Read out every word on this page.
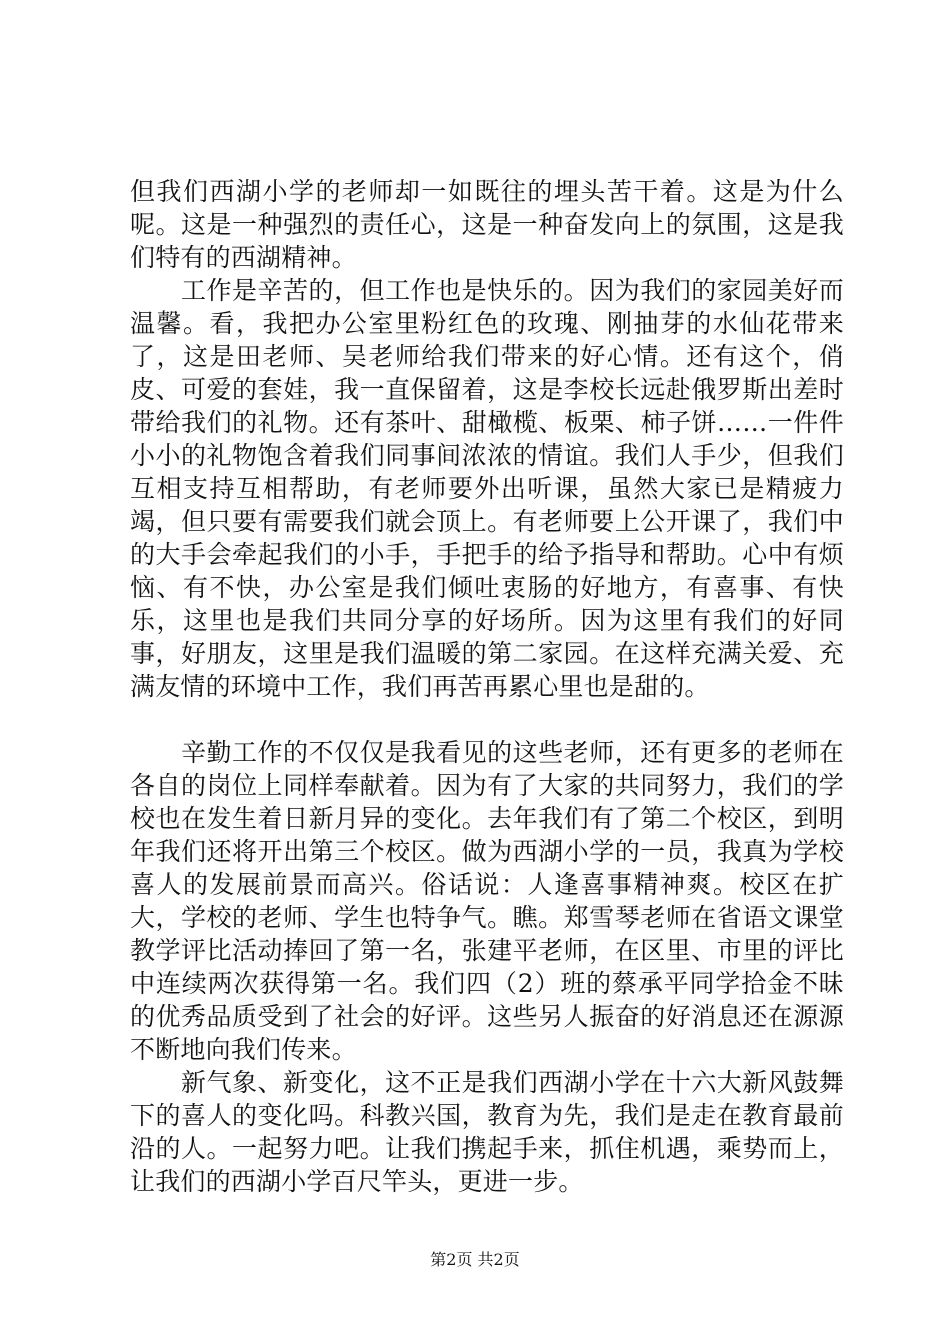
但我们西湖小学的老师却一如既往的埋头苦干着。这是为什么呢。这是一种强烈的责任心，这是一种奋发向上的氛围，这是我们特有的西湖精神。

工作是辛苦的，但工作也是快乐的。因为我们的家园美好而温馨。看，我把办公室里粉红色的玫瑰、刚抽芽的水仙花带来了，这是田老师、吴老师给我们带来的好心情。还有这个，俏皮、可爱的套娃，我一直保留着，这是李校长远赴俄罗斯出差时带给我们的礼物。还有茶叶、甜橄榄、板栗、柿子饼……一件件小小的礼物饱含着我们同事间浓浓的情谊。我们人手少，但我们互相支持互相帮助，有老师要外出听课，虽然大家已是精疲力竭，但只要有需要我们就会顶上。有老师要上公开课了，我们中的大手会牵起我们的小手，手把手的给予指导和帮助。心中有烦恼、有不快，办公室是我们倾吐衷肠的好地方，有喜事、有快乐，这里也是我们共同分享的好场所。因为这里有我们的好同事，好朋友，这里是我们温暖的第二家园。在这样充满关爱、充满友情的环境中工作，我们再苦再累心里也是甜的。

辛勤工作的不仅仅是我看见的这些老师，还有更多的老师在各自的岗位上同样奉献着。因为有了大家的共同努力，我们的学校也在发生着日新月异的变化。去年我们有了第二个校区，到明年我们还将开出第三个校区。做为西湖小学的一员，我真为学校喜人的发展前景而高兴。俗话说：人逢喜事精神爽。校区在扩大，学校的老师、学生也特争气。瞧。郑雪琴老师在省语文课堂教学评比活动捧回了第一名，张建平老师，在区里、市里的评比中连续两次获得第一名。我们四（2）班的蔡承平同学拾金不昧的优秀品质受到了社会的好评。这些另人振奋的好消息还在源源不断地向我们传来。

新气象、新变化，这不正是我们西湖小学在十六大新风鼓舞下的喜人的变化吗。科教兴国，教育为先，我们是走在教育最前沿的人。一起努力吧。让我们携起手来，抓住机遇，乘势而上，让我们的西湖小学百尺竿头，更进一步。

第2页 共2页
